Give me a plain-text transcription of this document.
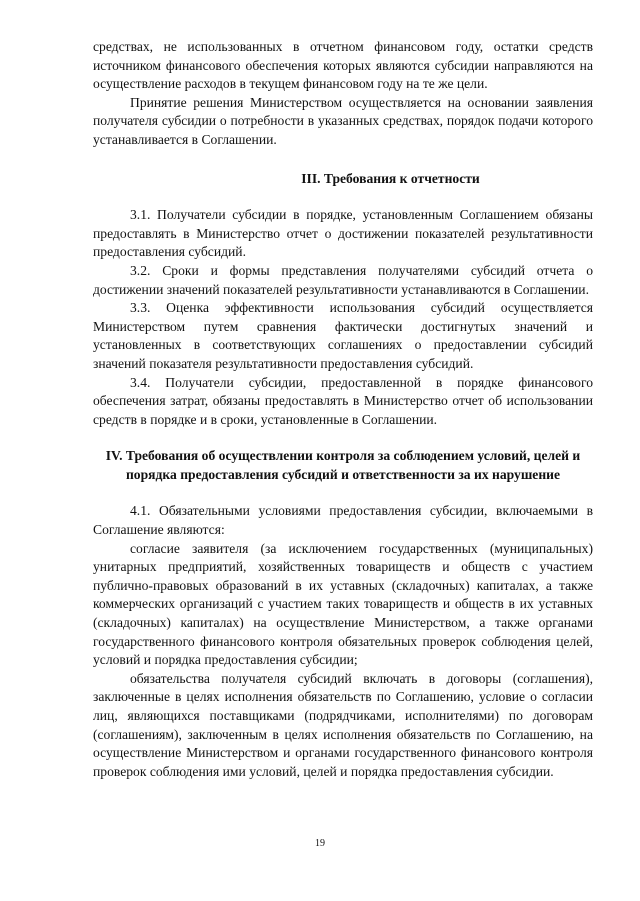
средствах, не использованных в отчетном финансовом году, остатки средств источником финансового обеспечения которых являются субсидии направляются на осуществление расходов в текущем финансовом году на те же цели.

Принятие решения Министерством осуществляется на основании заявления получателя субсидии о потребности в указанных средствах, порядок подачи которого устанавливается в Соглашении.

III. Требования к отчетности

3.1. Получатели субсидии в порядке, установленным Соглашением обязаны предоставлять в Министерство отчет о достижении показателей результативности предоставления субсидий.

3.2. Сроки и формы представления получателями субсидий отчета о достижении значений показателей результативности устанавливаются в Соглашении.

3.3. Оценка эффективности использования субсидий осуществляется Министерством путем сравнения фактически достигнутых значений и установленных в соответствующих соглашениях о предоставлении субсидий значений показателя результативности предоставления субсидий.

3.4. Получатели субсидии, предоставленной в порядке финансового обеспечения затрат, обязаны предоставлять в Министерство отчет об использовании средств в порядке и в сроки, установленные в Соглашении.

IV. Требования об осуществлении контроля за соблюдением условий, целей и порядка предоставления субсидий и ответственности за их нарушение

4.1. Обязательными условиями предоставления субсидии, включаемыми в Соглашение являются:

согласие заявителя (за исключением государственных (муниципальных) унитарных предприятий, хозяйственных товариществ и обществ с участием публично-правовых образований в их уставных (складочных) капиталах, а также коммерческих организаций с участием таких товариществ и обществ в их уставных (складочных) капиталах) на осуществление Министерством, а также органами государственного финансового контроля обязательных проверок соблюдения целей, условий и порядка предоставления субсидии;

обязательства получателя субсидий включать в договоры (соглашения), заключенные в целях исполнения обязательств по Соглашению, условие о согласии лиц, являющихся поставщиками (подрядчиками, исполнителями) по договорам (соглашениям), заключенным в целях исполнения обязательств по Соглашению, на осуществление Министерством и органами государственного финансового контроля проверок соблюдения ими условий, целей и порядка предоставления субсидии.

19
